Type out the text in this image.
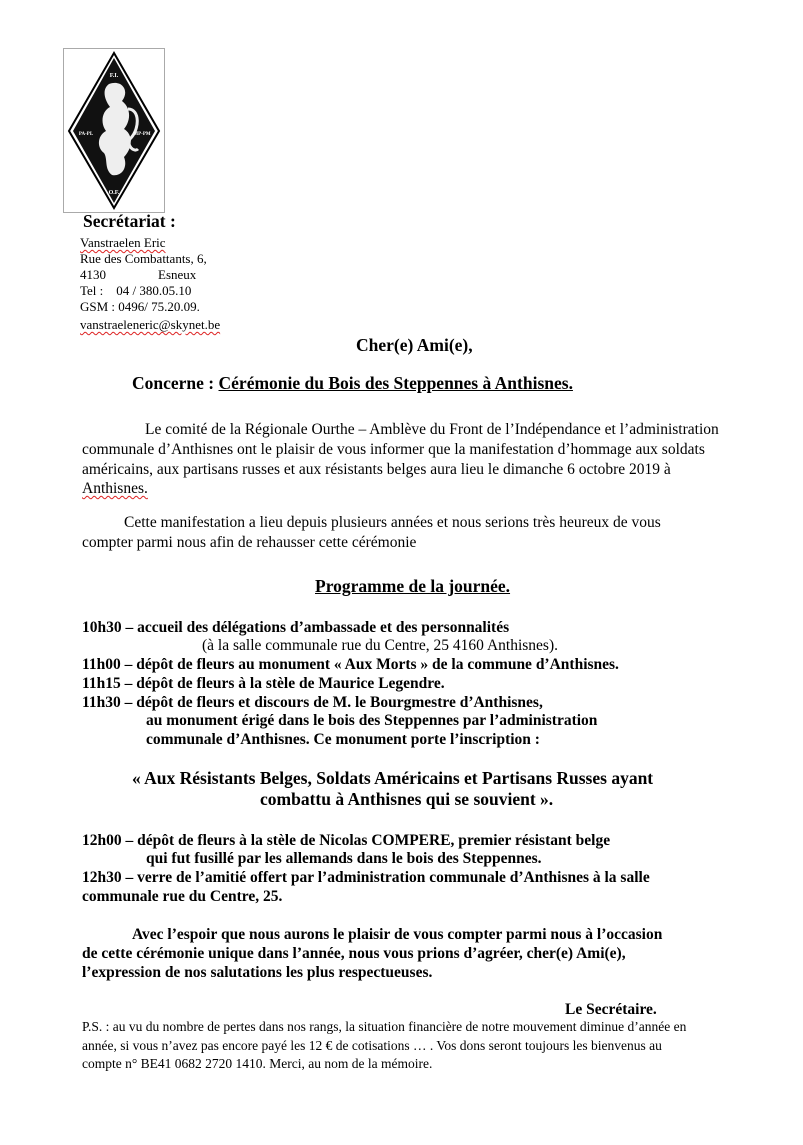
F.I.
PA-PL	MP-PM
O.F.
Secrétariat :
Vanstraelen Eric
Rue des Combattants, 6,
4130	Esneux
Tel :    04 / 380.05.10
GSM : 0496/ 75.20.09.
vanstraeleneric@skynet.be
Cher(e) Ami(e),
Concerne : Cérémonie du Bois des Steppennes à Anthisnes.
Le comité de la Régionale Ourthe – Amblève du Front de l’Indépendance et l’administration
communale d’Anthisnes ont le plaisir de vous informer que la manifestation d’hommage aux soldats
américains, aux partisans russes et aux résistants belges aura lieu le dimanche 6 octobre 2019 à
Anthisnes.
Cette manifestation a lieu depuis plusieurs années et nous serions très heureux de vous
compter parmi nous afin de rehausser cette cérémonie
Programme de la journée.
10h30 – accueil des délégations d’ambassade et des personnalités
(à la salle communale rue du Centre, 25 4160 Anthisnes).
11h00 – dépôt de fleurs au monument « Aux Morts » de la commune d’Anthisnes.
11h15 – dépôt de fleurs à la stèle de Maurice Legendre.
11h30 – dépôt de fleurs et discours de M. le Bourgmestre d’Anthisnes,
au monument érigé dans le bois des Steppennes par l’administration
communale d’Anthisnes. Ce monument porte l’inscription :
« Aux Résistants Belges, Soldats Américains et Partisans Russes ayant
combattu à Anthisnes qui se souvient ».
12h00 – dépôt de fleurs à la stèle de Nicolas COMPERE, premier résistant belge
qui fut fusillé par les allemands dans le bois des Steppennes.
12h30 – verre de l’amitié offert par l’administration communale d’Anthisnes à la salle
communale rue du Centre, 25.
Avec l’espoir que nous aurons le plaisir de vous compter parmi nous à l’occasion
de cette cérémonie unique dans l’année, nous vous prions d’agréer, cher(e) Ami(e),
l’expression de nos salutations les plus respectueuses.
Le Secrétaire.
P.S. : au vu du nombre de pertes dans nos rangs, la situation financière de notre mouvement diminue d’année en
année, si vous n’avez pas encore payé les 12 € de cotisations … . Vos dons seront toujours les bienvenus au
compte n° BE41 0682 2720 1410. Merci, au nom de la mémoire.
